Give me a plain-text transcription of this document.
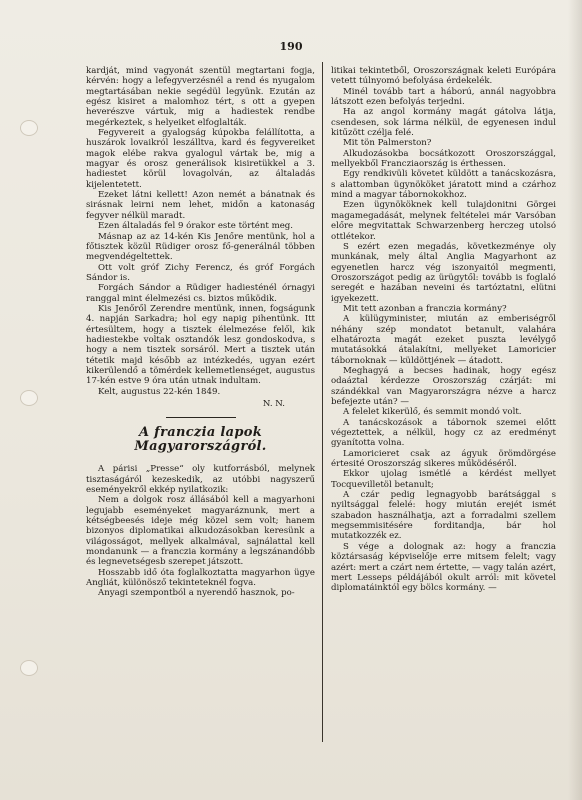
190

kardját, mind vagyonát szentül megtartani fogja, kérvén: hogy a lefegyverzésnél a rend és nyugalom megtartásában nekie segédül legyünk. Ezután az egész kisiret a malomhoz tért, s ott a gyepen heverészve vártuk, mig a hadiestek rendbe megérkeztek, s helyeiket elfoglalták.

Fegyvereit a gyalogság kúpokba felállította, a huszárok lovaikról leszálltva, kard és fegyvereiket magok elébe rakva gyalogul vártak be, mig a magyar és orosz generálisok kisiretükkel a 3. hadiestet körül lovagolván, az általadás kijelentetett.

Ezeket látni kellett! Azon nemét a bánatnak és sirásnak leirni nem lehet, midőn a katonaság fegyver nélkül maradt.

Ezen általadás fel 9 órakor este történt meg.

Másnap az az 14-kén Kis Jenőre mentünk, hol a főtisztek közül Rüdiger orosz fő-generálnál többen megvendégeltettek.

Ott volt gróf Zichy Ferencz, és gróf Forgách Sándor is.

Forgách Sándor a Rüdiger hadiesténél órnagyi ranggal mint élelmezési cs. biztos működik.

Kis Jenőről Zerendre mentünk, innen, fogságunk 4. napján Sarkadra; hol egy napig pihentünk. Itt értesültem, hogy a tisztek élelmezése felől, kik hadiestekbe voltak osztandók lesz gondoskodva, s hogy a nem tisztek sorsáról. Mert a tisztek után tétetik majd később az intézkedés, ugyan ezért kikerülendő a tömérdek kellemetlenséget, augustus 17-kén estve 9 óra után utnak indultam.

Kelt, augustus 22-kén 1849.

N. N.
A franczia lapok Magyarországról.

A párisi „Presse“ oly kutforrásból, melynek tisztaságáról kezeskedik, az utóbbi nagyszerű eseményekről ekkép nyilatkozik:

Nem a dolgok rosz állásából kell a magyarhoni legujabb eseményeket magyaráznunk, mert a kétségbeesés ideje még közel sem volt; hanem bizonyos diplomatikai alkudozásokban keresünk a világosságot, mellyek alkalmával, sajnálattal kell mondanunk — a franczia kormány a legszánandóbb és legnevetségesb szerepet játszott.

Hosszabb idő óta foglalkoztatta magyarhon ügye Angliát, különösző tekinteteknél fogva.

Anyagi szempontból a nyerendő hasznok, po-

litikai tekintetből, Oroszországnak keleti Európára vetett túlnyomó befolyása érdekelék.

Minél tovább tart a háború, annál nagyobbra látszott ezen befolyás terjedni.

Ha az angol kormány magát gátolva látja, csendesen, sok lárma nélkül, de egyenesen indul kitűzött czélja felé.

Mit tön Palmerston?

Alkudozásokba bocsátkozott Oroszországgal, mellyekből Francziaország is érthessen.

Egy rendkivüli követet küldött a tanácskozásra, s alattomban ügynököket járatott mind a czárhoz mind a magyar tábornokokhoz.

Ezen ügynököknek kell tulajdonitni Görgei magamegadását, melynek feltételei már Varsóban előre megvitattak Schwarzenberg herczeg utolsó ottlétekor.

S ezért ezen megadás, következménye oly munkának, mely által Anglia Magyarhont az egyenetlen harcz vég iszonyaitól megmenti, Oroszországot pedig az ürügytől: tovább is foglaló seregét e hazában neveini és tartóztatni, elütni igyekezett.

Mit tett azonban a franczia kormány?

A külügyminister, miután az emberiségről néhány szép mondatot betanult, valahára elhatározta magát ezeket puszta levélygő mutatásokká átalakítni, mellyeket Lamoricier tábornoknak — küldöttjének — átadott.

Meghagyá a becses hadinak, hogy egész odaáztal kérdezze Oroszország czárját: mi szándékkal van Magyarországra nézve a harcz befejezte után? —

A felelet kikerülő, és semmit mondó volt.

A tanácskozások a tábornok szemei előtt végeztettek, a nélkül, hogy cz az eredményt gyanította volna.

Lamoricieret csak az ágyuk örömdörgése értesité Oroszország sikeres működéséről.

Ekkor ujolag ismétlé a kérdést mellyet Tocquevilletöl betanult;

A czár pedig legnagyobb barátsággal s nyiltsággal felelé: hogy miután erejét ismét szabadon használhatja, azt a forradalmi szellem megsemmisitésére forditandja, bár hol mutatkozzék ez.

S vége a dolognak az: hogy a franczia köztársaság képviselője erre mitsem felelt; vagy azért: mert a czárt nem értette, — vagy talán azért, mert Lesseps példájából okult arról: mit követel diplomatáinktól egy bölcs kormány. —
